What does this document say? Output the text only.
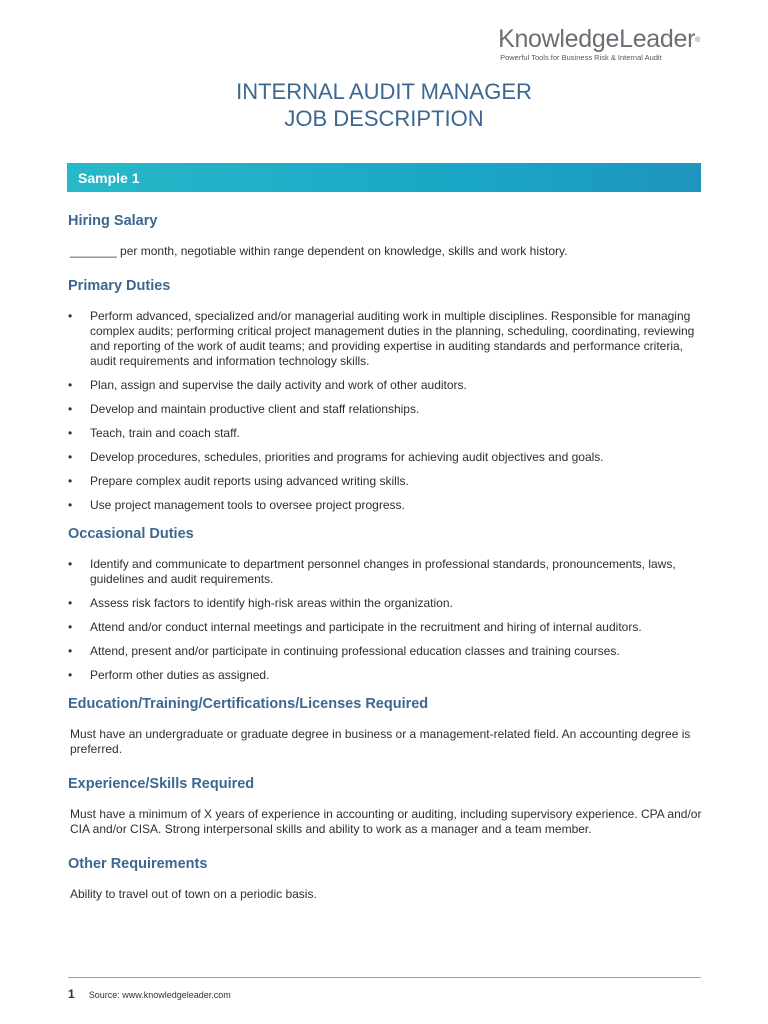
KnowledgeLeader®
Powerful Tools for Business Risk & Internal Audit
INTERNAL AUDIT MANAGER
JOB DESCRIPTION
Sample 1
Hiring Salary

_______ per month, negotiable within range dependent on knowledge, skills and work history.

Primary Duties
• Perform advanced, specialized and/or managerial auditing work in multiple disciplines. Responsible for managing complex audits; performing critical project management duties in the planning, scheduling, coordinating, reviewing and reporting of the work of audit teams; and providing expertise in auditing standards and performance criteria, audit requirements and information technology skills.
• Plan, assign and supervise the daily activity and work of other auditors.
• Develop and maintain productive client and staff relationships.
• Teach, train and coach staff.
• Develop procedures, schedules, priorities and programs for achieving audit objectives and goals.
• Prepare complex audit reports using advanced writing skills.
• Use project management tools to oversee project progress.
Occasional Duties
• Identify and communicate to department personnel changes in professional standards, pronouncements, laws, guidelines and audit requirements.
• Assess risk factors to identify high-risk areas within the organization.
• Attend and/or conduct internal meetings and participate in the recruitment and hiring of internal auditors.
• Attend, present and/or participate in continuing professional education classes and training courses.
• Perform other duties as assigned.
Education/Training/Certifications/Licenses Required

Must have an undergraduate or graduate degree in business or a management-related field. An accounting degree is preferred.

Experience/Skills Required

Must have a minimum of X years of experience in accounting or auditing, including supervisory experience. CPA and/or CIA and/or CISA. Strong interpersonal skills and ability to work as a manager and a team member.

Other Requirements

Ability to travel out of town on a periodic basis.

1 Source: www.knowledgeleader.com
